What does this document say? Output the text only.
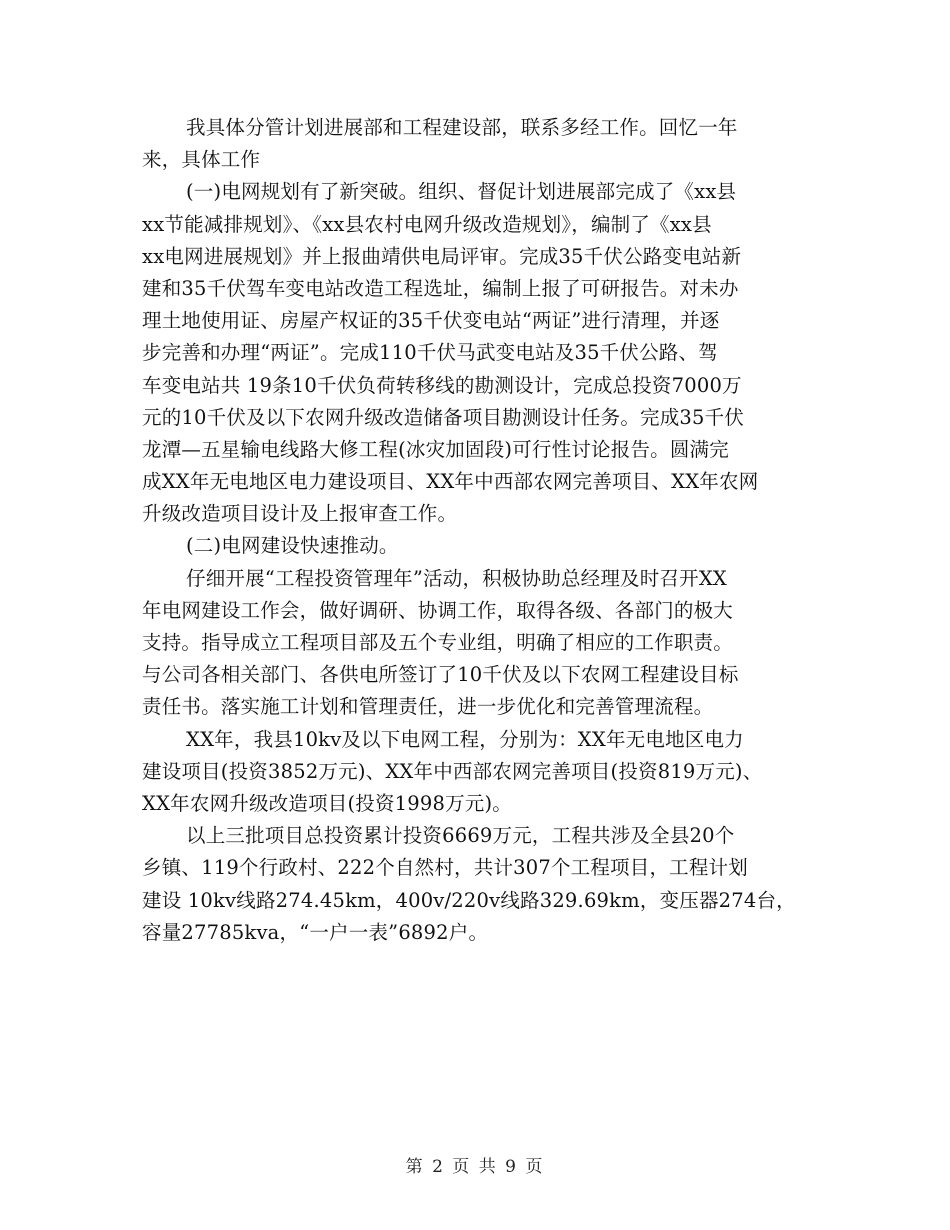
我具体分管计划进展部和工程建设部，联系多经工作。回忆一年
来，具体工作
(一)电网规划有了新突破。组织、督促计划进展部完成了《xx县
xx节能减排规划》、《xx县农村电网升级改造规划》，编制了《xx县
xx电网进展规划》并上报曲靖供电局评审。完成35千伏公路变电站新
建和35千伏驾车变电站改造工程选址，编制上报了可研报告。对未办
理土地使用证、房屋产权证的35千伏变电站“两证”进行清理，并逐
步完善和办理“两证”。完成110千伏马武变电站及35千伏公路、驾
车变电站共 19条10千伏负荷转移线的勘测设计，完成总投资7000万
元的10千伏及以下农网升级改造储备项目勘测设计任务。完成35千伏
龙潭—五星输电线路大修工程(冰灾加固段)可行性讨论报告。圆满完
成XX年无电地区电力建设项目、XX年中西部农网完善项目、XX年农网
升级改造项目设计及上报审查工作。
(二)电网建设快速推动。
仔细开展“工程投资管理年”活动，积极协助总经理及时召开XX
年电网建设工作会，做好调研、协调工作，取得各级、各部门的极大
支持。指导成立工程项目部及五个专业组，明确了相应的工作职责。
与公司各相关部门、各供电所签订了10千伏及以下农网工程建设目标
责任书。落实施工计划和管理责任，进一步优化和完善管理流程。
XX年，我县10kv及以下电网工程，分别为：XX年无电地区电力
建设项目(投资3852万元)、XX年中西部农网完善项目(投资819万元)、
XX年农网升级改造项目(投资1998万元)。
以上三批项目总投资累计投资6669万元，工程共涉及全县20个
乡镇、119个行政村、222个自然村，共计307个工程项目，工程计划
建设 10kv线路274.45km，400v/220v线路329.69km，变压器274台，
容量27785kva，“一户一表”6892户。
第 2 页 共 9 页
